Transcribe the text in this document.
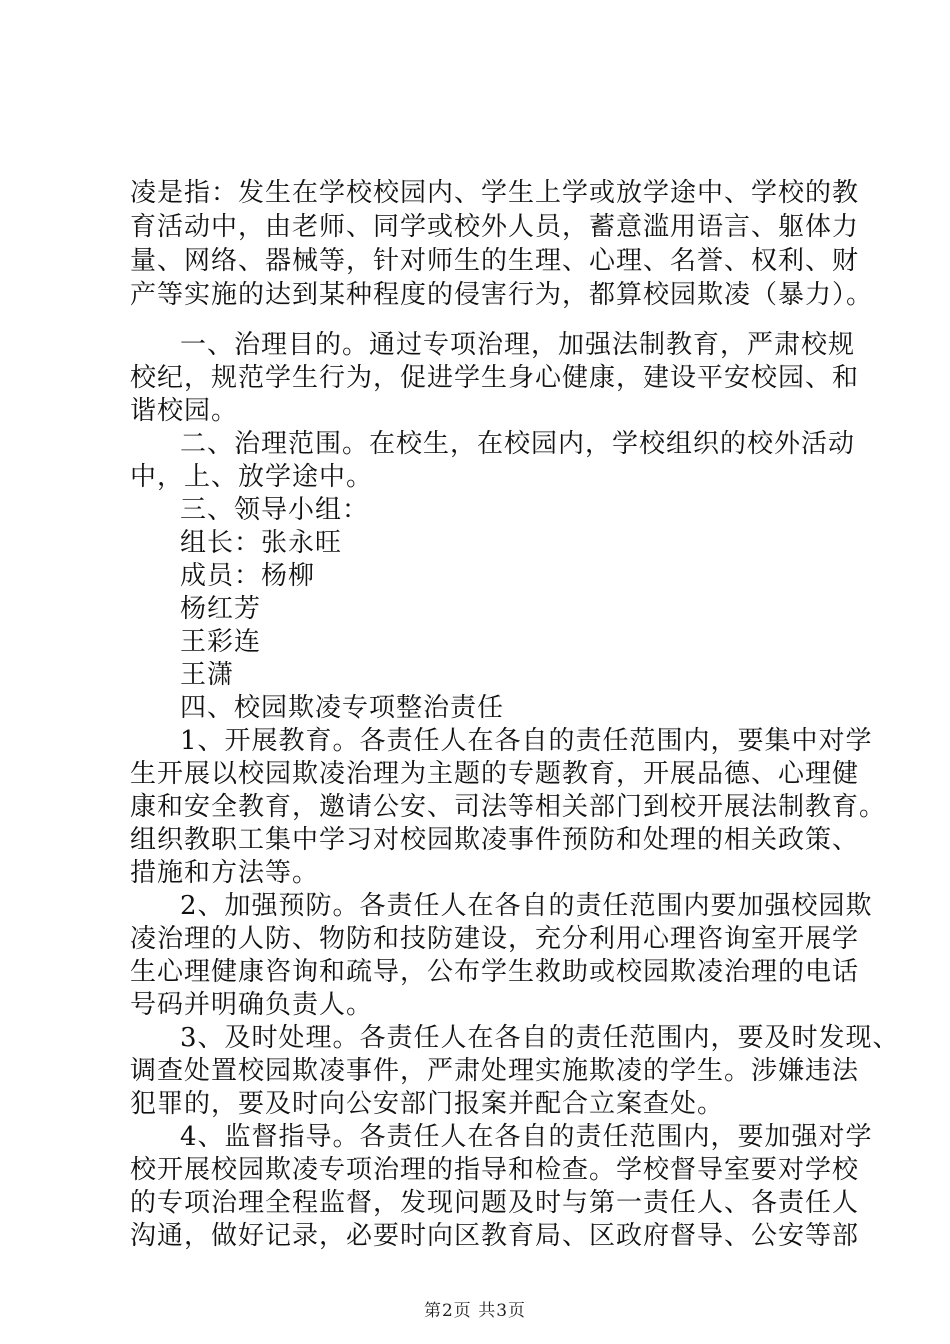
凌是指：发生在学校校园内、学生上学或放学途中、学校的教
育活动中，由老师、同学或校外人员，蓄意滥用语言、躯体力
量、网络、器械等，针对师生的生理、心理、名誉、权利、财
产等实施的达到某种程度的侵害行为，都算校园欺凌（暴力）。
一、治理目的。通过专项治理，加强法制教育，严肃校规
校纪，规范学生行为，促进学生身心健康，建设平安校园、和
谐校园。
二、治理范围。在校生，在校园内，学校组织的校外活动
中，上、放学途中。
三、领导小组：
组长：张永旺
成员：杨柳
杨红芳
王彩连
王潇
四、校园欺凌专项整治责任
1、开展教育。各责任人在各自的责任范围内，要集中对学
生开展以校园欺凌治理为主题的专题教育，开展品德、心理健
康和安全教育，邀请公安、司法等相关部门到校开展法制教育。
组织教职工集中学习对校园欺凌事件预防和处理的相关政策、
措施和方法等。
2、加强预防。各责任人在各自的责任范围内要加强校园欺
凌治理的人防、物防和技防建设，充分利用心理咨询室开展学
生心理健康咨询和疏导，公布学生救助或校园欺凌治理的电话
号码并明确负责人。
3、及时处理。各责任人在各自的责任范围内，要及时发现、
调查处置校园欺凌事件，严肃处理实施欺凌的学生。涉嫌违法
犯罪的，要及时向公安部门报案并配合立案查处。
4、监督指导。各责任人在各自的责任范围内，要加强对学
校开展校园欺凌专项治理的指导和检查。学校督导室要对学校
的专项治理全程监督，发现问题及时与第一责任人、各责任人
沟通，做好记录，必要时向区教育局、区政府督导、公安等部
第2页 共3页
